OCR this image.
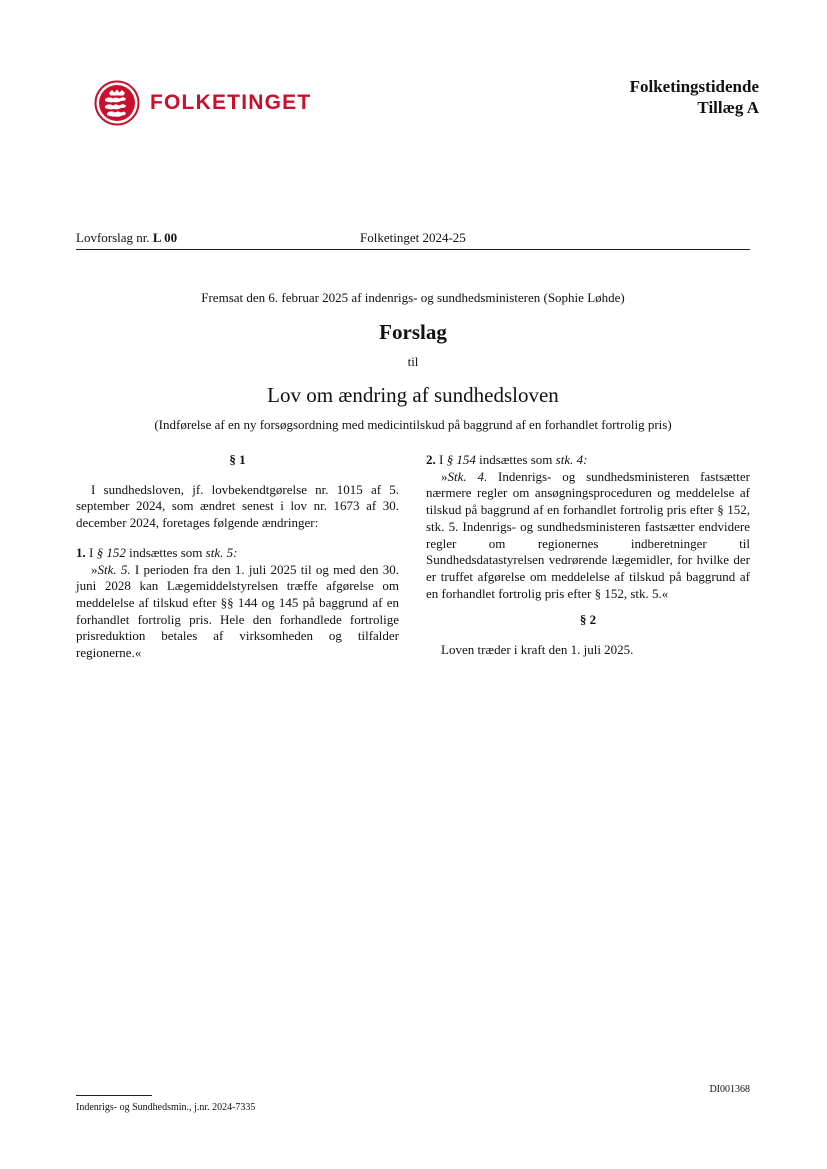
FOLKETINGET
Folketingstidende
Tillæg A
Lovforslag nr. L 00	Folketinget 2024-25
Fremsat den 6. februar 2025 af indenrigs- og sundhedsministeren (Sophie Løhde)
Forslag
til
Lov om ændring af sundhedsloven
(Indførelse af en ny forsøgsordning med medicintilskud på baggrund af en forhandlet fortrolig pris)

§ 1

I sundhedsloven, jf. lovbekendtgørelse nr. 1015 af 5. september 2024, som ændret senest i lov nr. 1673 af 30. december 2024, foretages følgende ændringer:

1. I § 152 indsættes som stk. 5:

»Stk. 5. I perioden fra den 1. juli 2025 til og med den 30. juni 2028 kan Lægemiddelstyrelsen træffe afgørelse om meddelelse af tilskud efter §§ 144 og 145 på baggrund af en forhandlet fortrolig pris. Hele den forhandlede fortrolige prisreduktion betales af virksomheden og tilfalder regionerne.«

2. I § 154 indsættes som stk. 4:

»Stk. 4. Indenrigs- og sundhedsministeren fastsætter nærmere regler om ansøgningsproceduren og meddelelse af tilskud på baggrund af en forhandlet fortrolig pris efter § 152, stk. 5. Indenrigs- og sundhedsministeren fastsætter endvidere regler om regionernes indberetninger til Sundhedsdatastyrelsen vedrørende lægemidler, for hvilke der er truffet afgørelse om meddelelse af tilskud på baggrund af en forhandlet fortrolig pris efter § 152, stk. 5.«

§ 2

Loven træder i kraft den 1. juli 2025.

DI001368
Indenrigs- og Sundhedsmin., j.nr. 2024-7335
